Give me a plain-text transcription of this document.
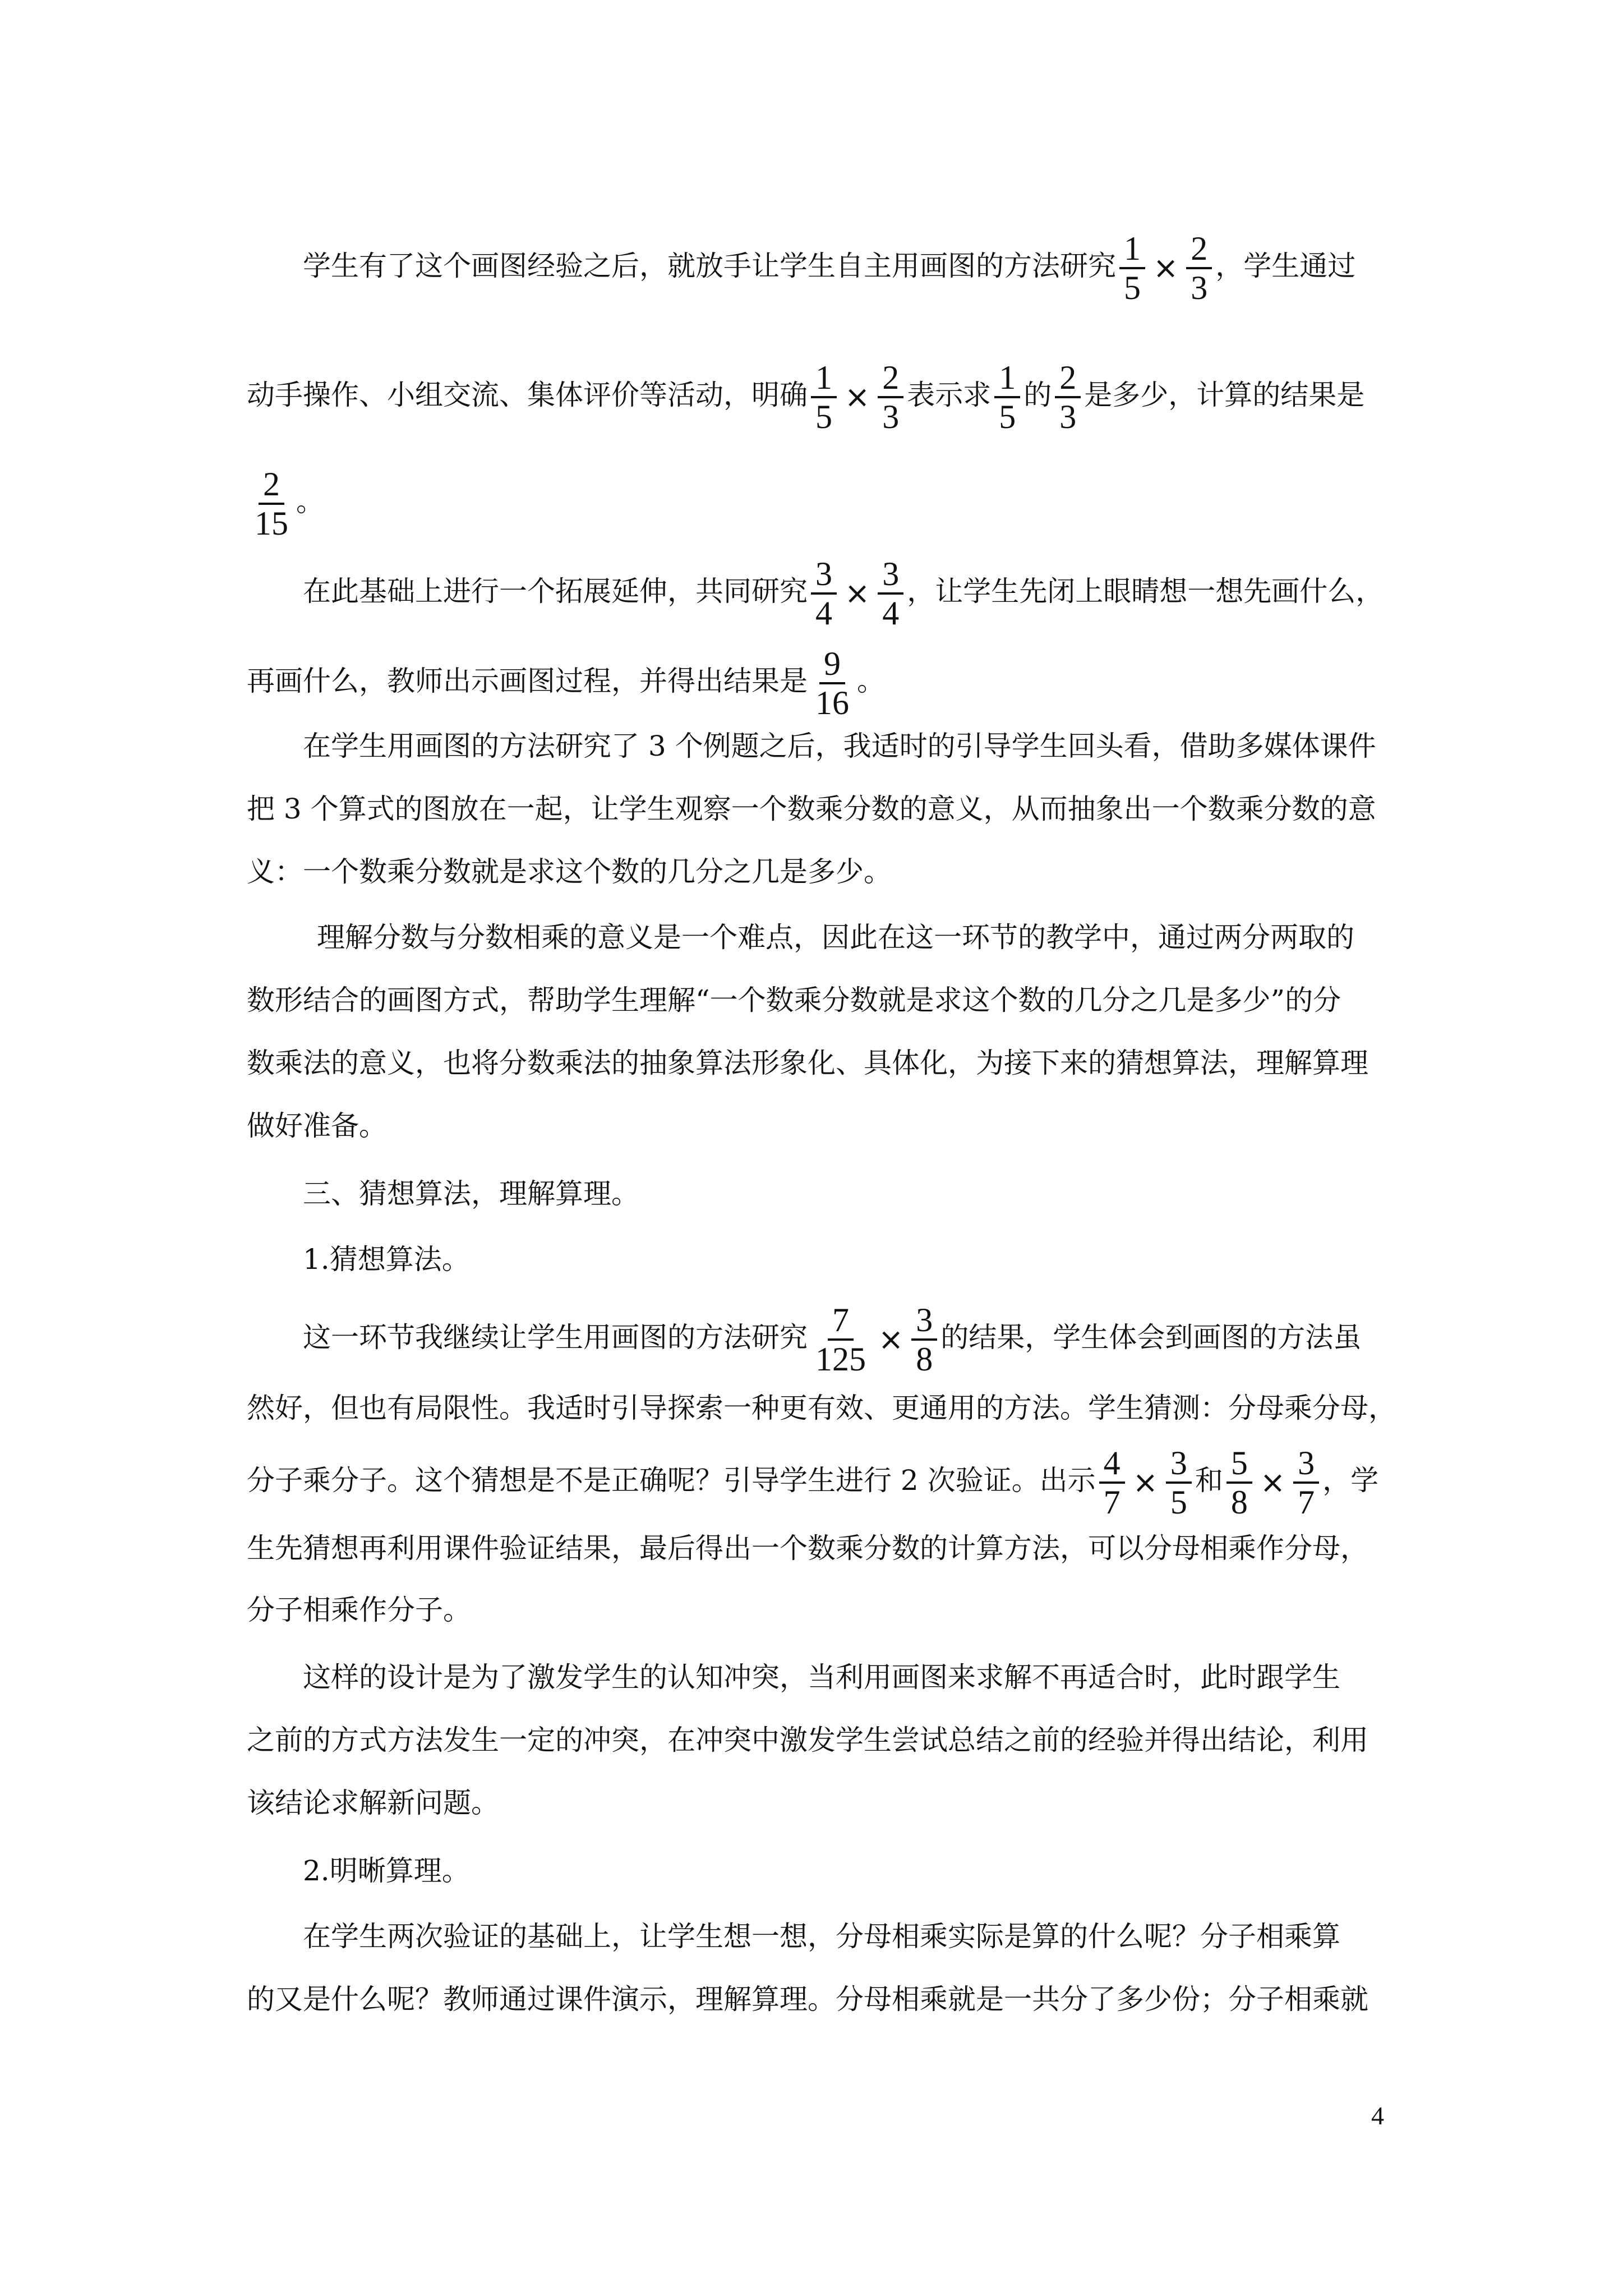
学生有了这个画图经验之后，就放手让学生自主用画图的方法研究 $\frac{1}{5} \times \frac{2}{3}$ ，学生通过
动手操作、小组交流、集体评价等活动，明确 $\frac{1}{5} \times \frac{2}{3}$ 表示求 $\frac{1}{5}$ 的 $\frac{2}{3}$ 是多少，计算的结果是
$\frac{2}{15}$ 。
在此基础上进行一个拓展延伸，共同研究 $\frac{3}{4} \times \frac{3}{4}$ ，让学生先闭上眼睛想一想先画什么，
再画什么，教师出示画图过程，并得出结果是 $\frac{9}{16}$ 。
在学生用画图的方法研究了 3 个例题之后，我适时的引导学生回头看，借助多媒体课件
把 3 个算式的图放在一起，让学生观察一个数乘分数的意义，从而抽象出一个数乘分数的意
义：一个数乘分数就是求这个数的几分之几是多少。
理解分数与分数相乘的意义是一个难点，因此在这一环节的教学中，通过两分两取的
数形结合的画图方式，帮助学生理解“一个数乘分数就是求这个数的几分之几是多少”的分
数乘法的意义，也将分数乘法的抽象算法形象化、具体化，为接下来的猜想算法，理解算理
做好准备。
三、猜想算法，理解算理。
1.猜想算法。
这一环节我继续让学生用画图的方法研究 $\frac{7}{125} \times \frac{3}{8}$ 的结果，学生体会到画图的方法虽
然好，但也有局限性。我适时引导探索一种更有效、更通用的方法。学生猜测：分母乘分母，
分子乘分子。这个猜想是不是正确呢？引导学生进行 2 次验证。出示 $\frac{4}{7} \times \frac{3}{5}$ 和 $\frac{5}{8} \times \frac{3}{7}$ ，学
生先猜想再利用课件验证结果，最后得出一个数乘分数的计算方法，可以分母相乘作分母，
分子相乘作分子。
这样的设计是为了激发学生的认知冲突，当利用画图来求解不再适合时，此时跟学生
之前的方式方法发生一定的冲突，在冲突中激发学生尝试总结之前的经验并得出结论，利用
该结论求解新问题。
2.明晰算理。
在学生两次验证的基础上，让学生想一想，分母相乘实际是算的什么呢？分子相乘算
的又是什么呢？教师通过课件演示，理解算理。分母相乘就是一共分了多少份；分子相乘就
4
